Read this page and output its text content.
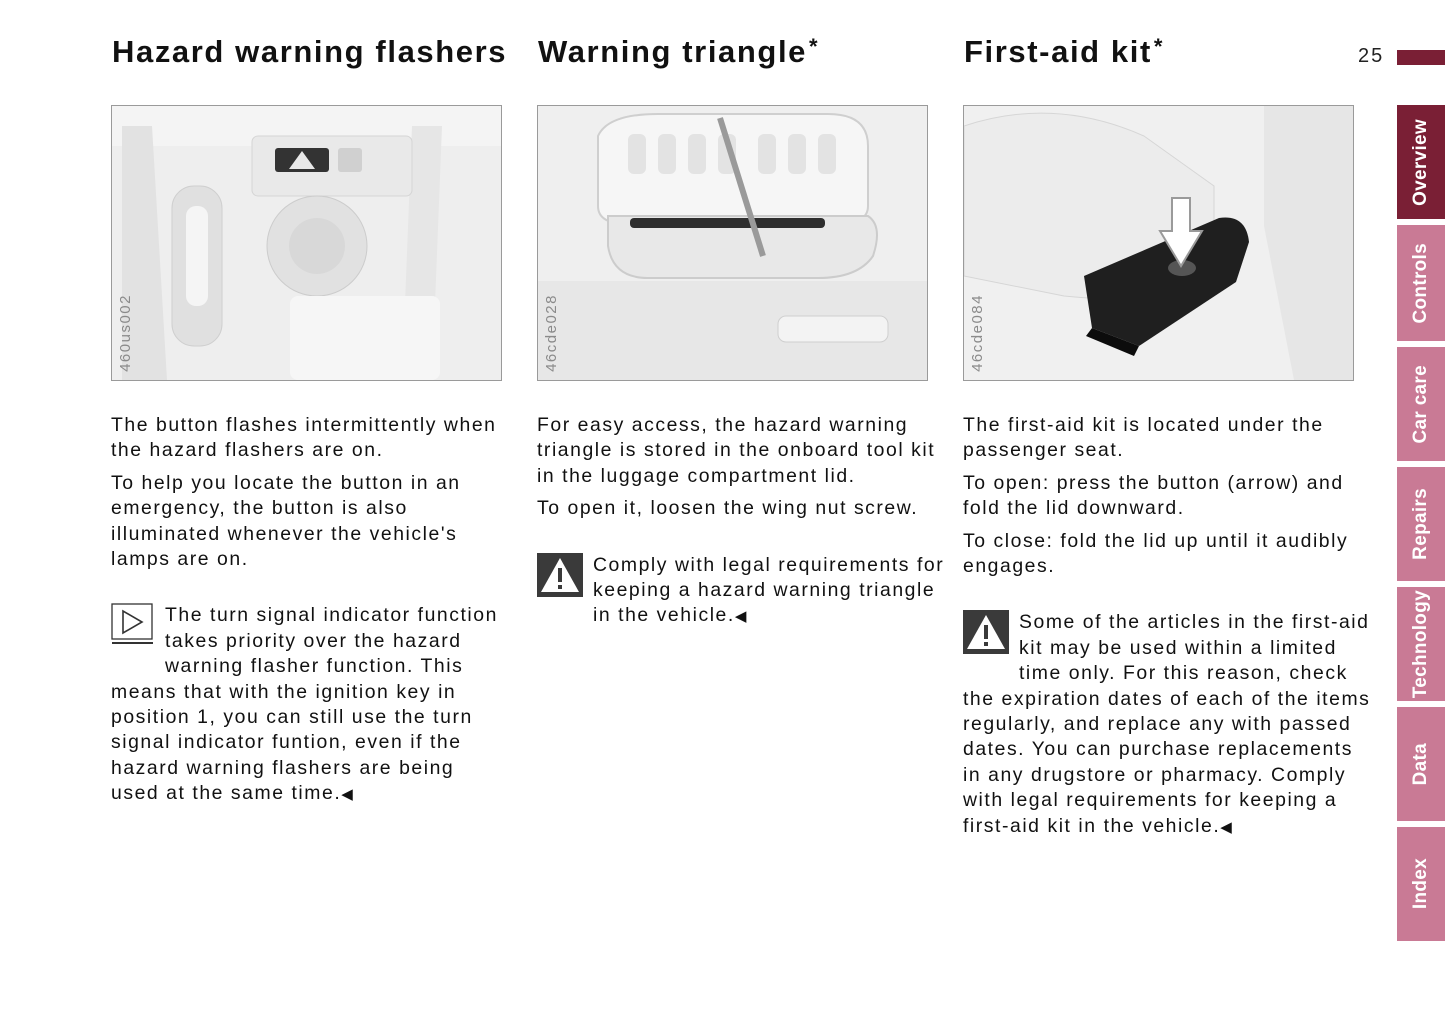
25
Hazard warning flashers Warning triangle*	First-aid kit*
460us002	46cde028	46cde084

The button flashes intermittently when the hazard flashers are on.

To help you locate the button in an emergency, the button is also illuminated whenever the vehicle's lamps are on.

The turn signal indicator function takes priority over the hazard warning flasher function. This means that with the ignition key in position 1, you can still use the turn signal indicator funtion, even if the hazard warning flashers are being used at the same time.◀

For easy access, the hazard warning triangle is stored in the onboard tool kit in the luggage compartment lid.

To open it, loosen the wing nut screw.

Comply with legal requirements for keeping a hazard warning triangle in the vehicle.◀

The first-aid kit is located under the passenger seat.

To open: press the button (arrow) and fold the lid downward.

To close: fold the lid up until it audibly engages.

Some of the articles in the first-aid kit may be used within a limited time only. For this reason, check the expiration dates of each of the items regularly, and replace any with passed dates. You can purchase replacements in any drugstore or pharmacy. Comply with legal requirements for keeping a first-aid kit in the vehicle.◀

Overview
Controls
Car care
Repairs
Technology
Data
Index
